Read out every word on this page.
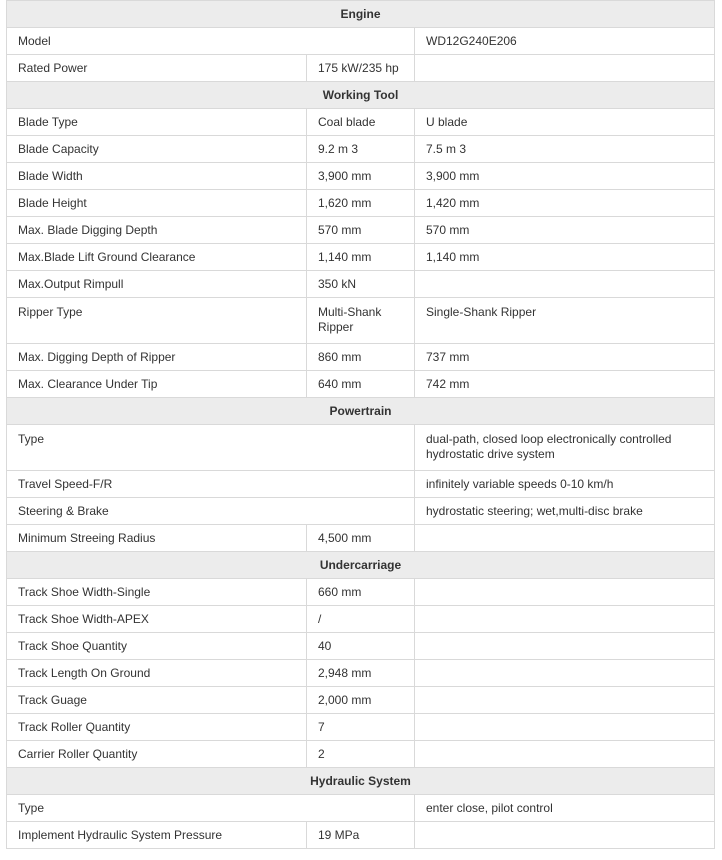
Engine		
Model		WD12G240E206
Rated Power	175 kW/235 hp	
Working Tool		
Blade Type	Coal blade	U blade
Blade Capacity	9.2 m 3	7.5 m 3
Blade Width	3,900 mm	3,900 mm
Blade Height	1,620 mm	1,420 mm
Max. Blade Digging Depth	570 mm	570 mm
Max.Blade Lift Ground Clearance	1,140 mm	1,140 mm
Max.Output Rimpull	350 kN	
Ripper Type	Multi-Shank Ripper	Single-Shank Ripper
Max. Digging Depth of Ripper	860 mm	737 mm
Max. Clearance Under Tip	640 mm	742 mm
Powertrain		
Type		dual-path, closed loop electronically controlled hydrostatic drive system
Travel Speed-F/R		infinitely variable speeds 0-10 km/h
Steering & Brake		hydrostatic steering; wet,multi-disc brake
Minimum Streeing Radius	4,500 mm	
Undercarriage		
Track Shoe Width-Single	660 mm	
Track Shoe Width-APEX	/	
Track Shoe Quantity	40	
Track Length On Ground	2,948 mm	
Track Guage	2,000 mm	
Track Roller Quantity	7	
Carrier Roller Quantity	2	
Hydraulic System		
Type		enter close, pilot control
Implement Hydraulic System Pressure	19 MPa	
